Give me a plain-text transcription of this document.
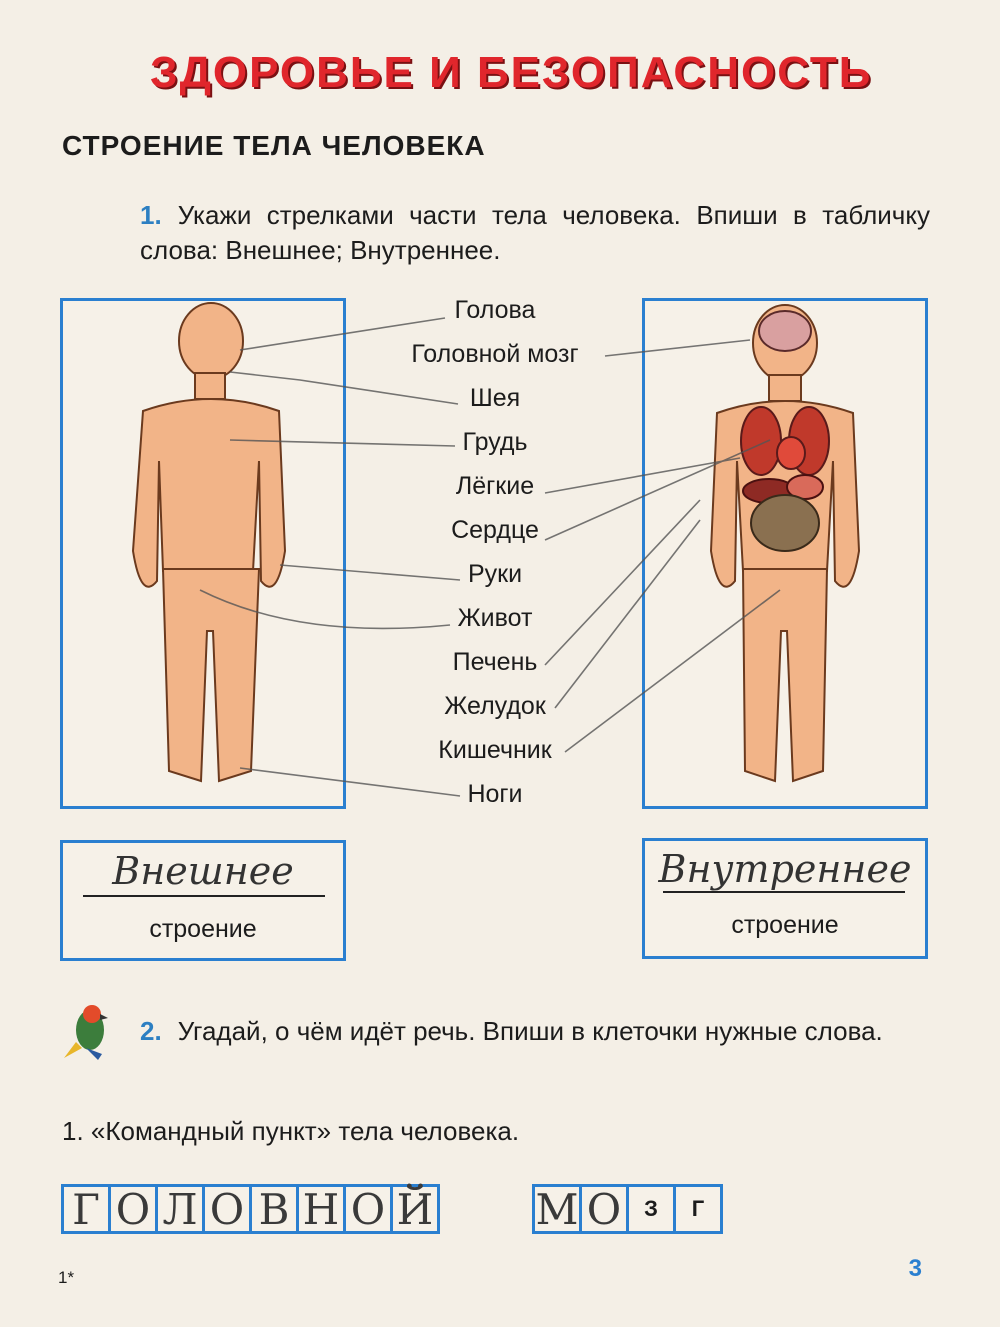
ЗДОРОВЬЕ И БЕЗОПАСНОСТЬ
СТРОЕНИЕ ТЕЛА ЧЕЛОВЕКА
1. Укажи стрелками части тела человека. Впиши в табличку слова: Внешнее; Внутреннее.
Голова
Головной мозг
Шея
Грудь
Лёгкие
Сердце
Руки
Живот
Печень
Желудок
Кишечник
Ноги
Внешнее
строение
Внутреннее
строение
2. Угадай, о чём идёт речь. Впиши в клеточки нужные слова.
1. «Командный пункт» тела человека.
Г О Л О В Н О Й М О	З	Г
1*	3
